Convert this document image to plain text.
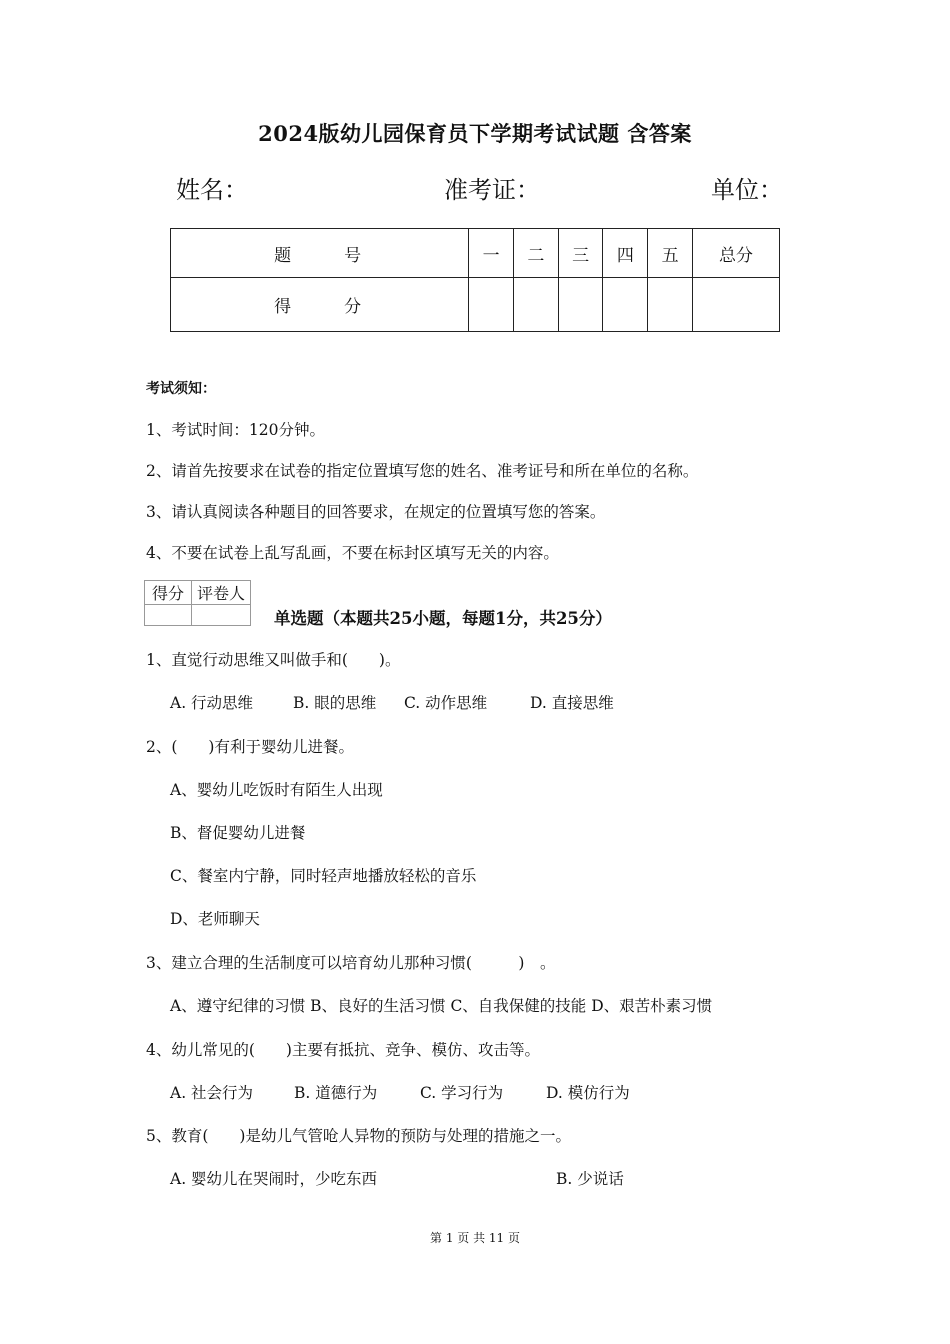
2024版幼儿园保育员下学期考试试题 含答案
姓名：	准考证：	单位：
题　号	一	二	三	四	五	总分
得　分						
考试须知：
1、考试时间：120分钟。
2、请首先按要求在试卷的指定位置填写您的姓名、准考证号和所在单位的名称。
3、请认真阅读各种题目的回答要求，在规定的位置填写您的答案。
4、不要在试卷上乱写乱画，不要在标封区填写无关的内容。
得分	评卷人

单选题（本题共25小题，每题1分，共25分）
1、直觉行动思维又叫做手和(　　)。
A. 行动思维	B. 眼的思维 C. 动作思维	D. 直接思维
2、(　　)有利于婴幼儿进餐。
A、婴幼儿吃饭时有陌生人出现
B、督促婴幼儿进餐
C、餐室内宁静，同时轻声地播放轻松的音乐
D、老师聊天
3、建立合理的生活制度可以培育幼儿那种习惯(　　　)　。
A、遵守纪律的习惯 B、良好的生活习惯 C、自我保健的技能 D、艰苦朴素习惯
4、幼儿常见的(　　)主要有抵抗、竞争、模仿、攻击等。
A. 社会行为	B. 道德行为	C. 学习行为	D. 模仿行为
5、教育(　　)是幼儿气管呛人异物的预防与处理的措施之一。
A. 婴幼儿在哭闹时，少吃东西	B. 少说话
第 1 页 共 11 页
